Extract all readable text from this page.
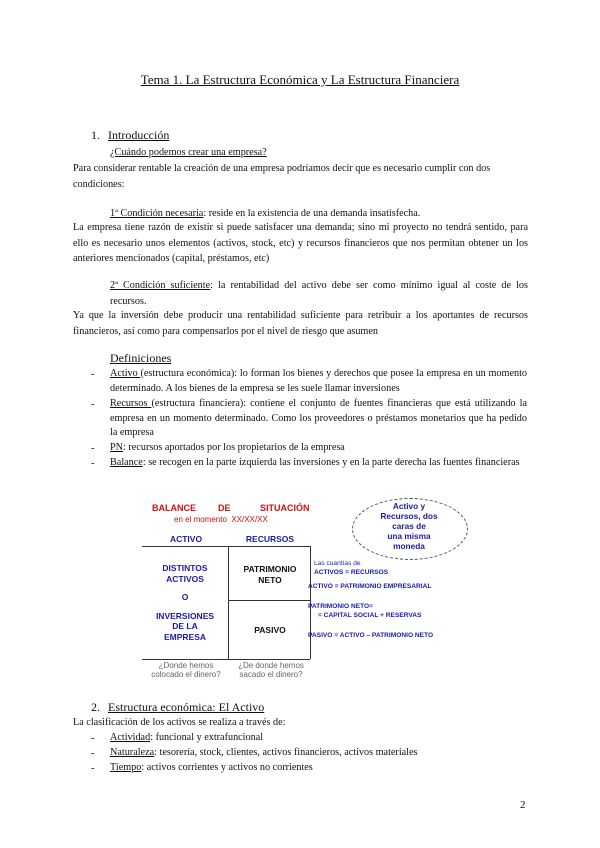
Tema 1. La Estructura Económica y La Estructura Financiera
1. Introducción
¿Cuándo podemos crear una empresa?
Para considerar rentable la creación de una empresa podríamos decir que es necesario cumplir con dos condiciones:
1ª Condición necesaria: reside en la existencia de una demanda insatisfecha.
La empresa tiene razón de existir si puede satisfacer una demanda; sino mi proyecto no tendrá sentido, para ello es necesario unos elementos (activos, stock, etc) y recursos financieros que nos permitan obtener un los anteriores mencionados (capital, préstamos, etc)
2ª Condición suficiente: la rentabilidad del activo debe ser como mínimo igual al coste de los recursos.
Ya que la inversión debe producir una rentabilidad suficiente para retribuir a los aportantes de recursos financieros, así como para compensarlos por el nivel de riesgo que asumen
Definiciones
- Activo (estructura económica): lo forman los bienes y derechos que posee la empresa en un momento determinado. A los bienes de la empresa se les suele llamar inversiones
- Recursos (estructura financiera): contiene el conjunto de fuentes financieras que está utilizando la empresa en un momento determinado. Como los proveedores o préstamos monetarios que ha pedido la empresa
- PN: recursos aportados por los propietarios de la empresa
- Balance: se recogen en la parte izquierda las inversiones y en la parte derecha las fuentes financieras
BALANCE DE	SITUACIÓN
en el momento XX/XX/XX
ACTIVO	RECURSOS
DISTINTOS
ACTIVOS
O
INVERSIONES
DE LA
EMPRESA
PATRIMONIO
NETO
PASIVO
Activo y
Recursos, dos
caras de
una misma
moneda
Las cuantías de
ACTIVOS = RECURSOS
ACTIVO = PATRIMONIO EMPRESARIAL
PATRIMONIO NETO=
= CAPITAL SOCIAL + RESERVAS
PASIVO = ACTIVO – PATRIMONIO NETO
¿Donde hemos
colocado el dinero?
¿De donde hemos
sacado el dinero?
2. Estructura económica: El Activo
La clasificación de los activos se realiza a través de:
- Actividad: funcional y extrafuncional
- Naturaleza: tesorería, stock, clientes, activos financieros, activos materiales
- Tiempo: activos corrientes y activos no corrientes
2
